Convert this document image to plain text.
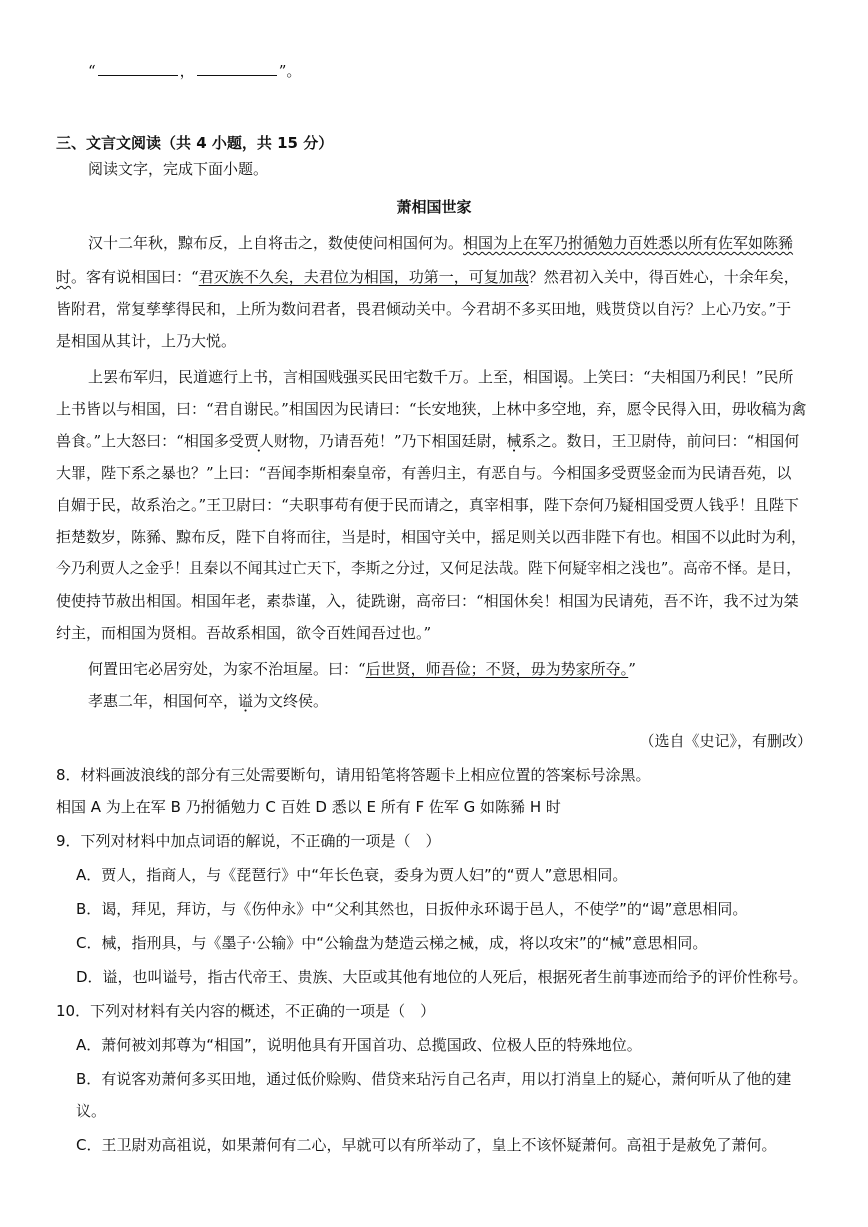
“	，	”。
三、文言文阅读（共 4 小题，共 15 分）
阅读文字，完成下面小题。
萧相国世家
汉十二年秋，黥布反，上自将击之，数使使问相国何为。相国为上在军乃拊循勉力百姓悉以所有佐军如陈豨
时。客有说相国曰：“君灭族不久矣，夫君位为相国，功第一，可复加哉？然君初入关中，得百姓心，十余年矣，
皆附君，常复孳孳得民和，上所为数问君者，畏君倾动关中。今君胡不多买田地，贱贳贷以自污？上心乃安。”于
是相国从其计，上乃大悦。
上罢布军归，民道遮行上书，言相国贱强买民田宅数千万。上至，相国谒。上笑曰：“夫相国乃利民！”民所
上书皆以与相国，曰：“君自谢民。”相国因为民请曰：“长安地狭，上林中多空地，弃，愿令民得入田，毋收稿为禽
兽食。”上大怒曰：“相国多受贾人财物，乃请吾苑！”乃下相国廷尉，械系之。数日，王卫尉侍，前问曰：“相国何
大罪，陛下系之暴也？”上曰：“吾闻李斯相秦皇帝，有善归主，有恶自与。今相国多受贾竖金而为民请吾苑，以
自媚于民，故系治之。”王卫尉曰：“夫职事苟有便于民而请之，真宰相事，陛下奈何乃疑相国受贾人钱乎！且陛下
拒楚数岁，陈豨、黥布反，陛下自将而往，当是时，相国守关中，摇足则关以西非陛下有也。相国不以此时为利，
今乃利贾人之金乎！且秦以不闻其过亡天下，李斯之分过，又何足法哉。陛下何疑宰相之浅也”。高帝不怿。是日，
使使持节赦出相国。相国年老，素恭谨，入，徒跣谢，高帝曰：“相国休矣！相国为民请苑，吾不许，我不过为桀
纣主，而相国为贤相。吾故系相国，欲令百姓闻吾过也。”
何置田宅必居穷处，为家不治垣屋。曰：“后世贤，师吾俭；不贤，毋为势家所夺。”
孝惠二年，相国何卒，谥为文终侯。
（选自《史记》，有删改）
8．材料画波浪线的部分有三处需要断句，请用铅笔将答题卡上相应位置的答案标号涂黑。
相国 A 为上在军 B 乃拊循勉力 C 百姓 D 悉以 E 所有 F 佐军 G 如陈豨 H 时
9．下列对材料中加点词语的解说，不正确的一项是（　）
A．贾人，指商人，与《琵琶行》中“年长色衰，委身为贾人妇”的“贾人”意思相同。
B．谒，拜见，拜访，与《伤仲永》中“父利其然也，日扳仲永环谒于邑人，不使学”的“谒”意思相同。
C．械，指刑具，与《墨子·公输》中“公输盘为楚造云梯之械，成，将以攻宋”的“械”意思相同。
D．谥，也叫谥号，指古代帝王、贵族、大臣或其他有地位的人死后，根据死者生前事迹而给予的评价性称号。
10．下列对材料有关内容的概述，不正确的一项是（　）
A．萧何被刘邦尊为“相国”，说明他具有开国首功、总揽国政、位极人臣的特殊地位。
B．有说客劝萧何多买田地，通过低价赊购、借贷来玷污自己名声，用以打消皇上的疑心，萧何听从了他的建
议。
C．王卫尉劝高祖说，如果萧何有二心，早就可以有所举动了，皇上不该怀疑萧何。高祖于是赦免了萧何。
